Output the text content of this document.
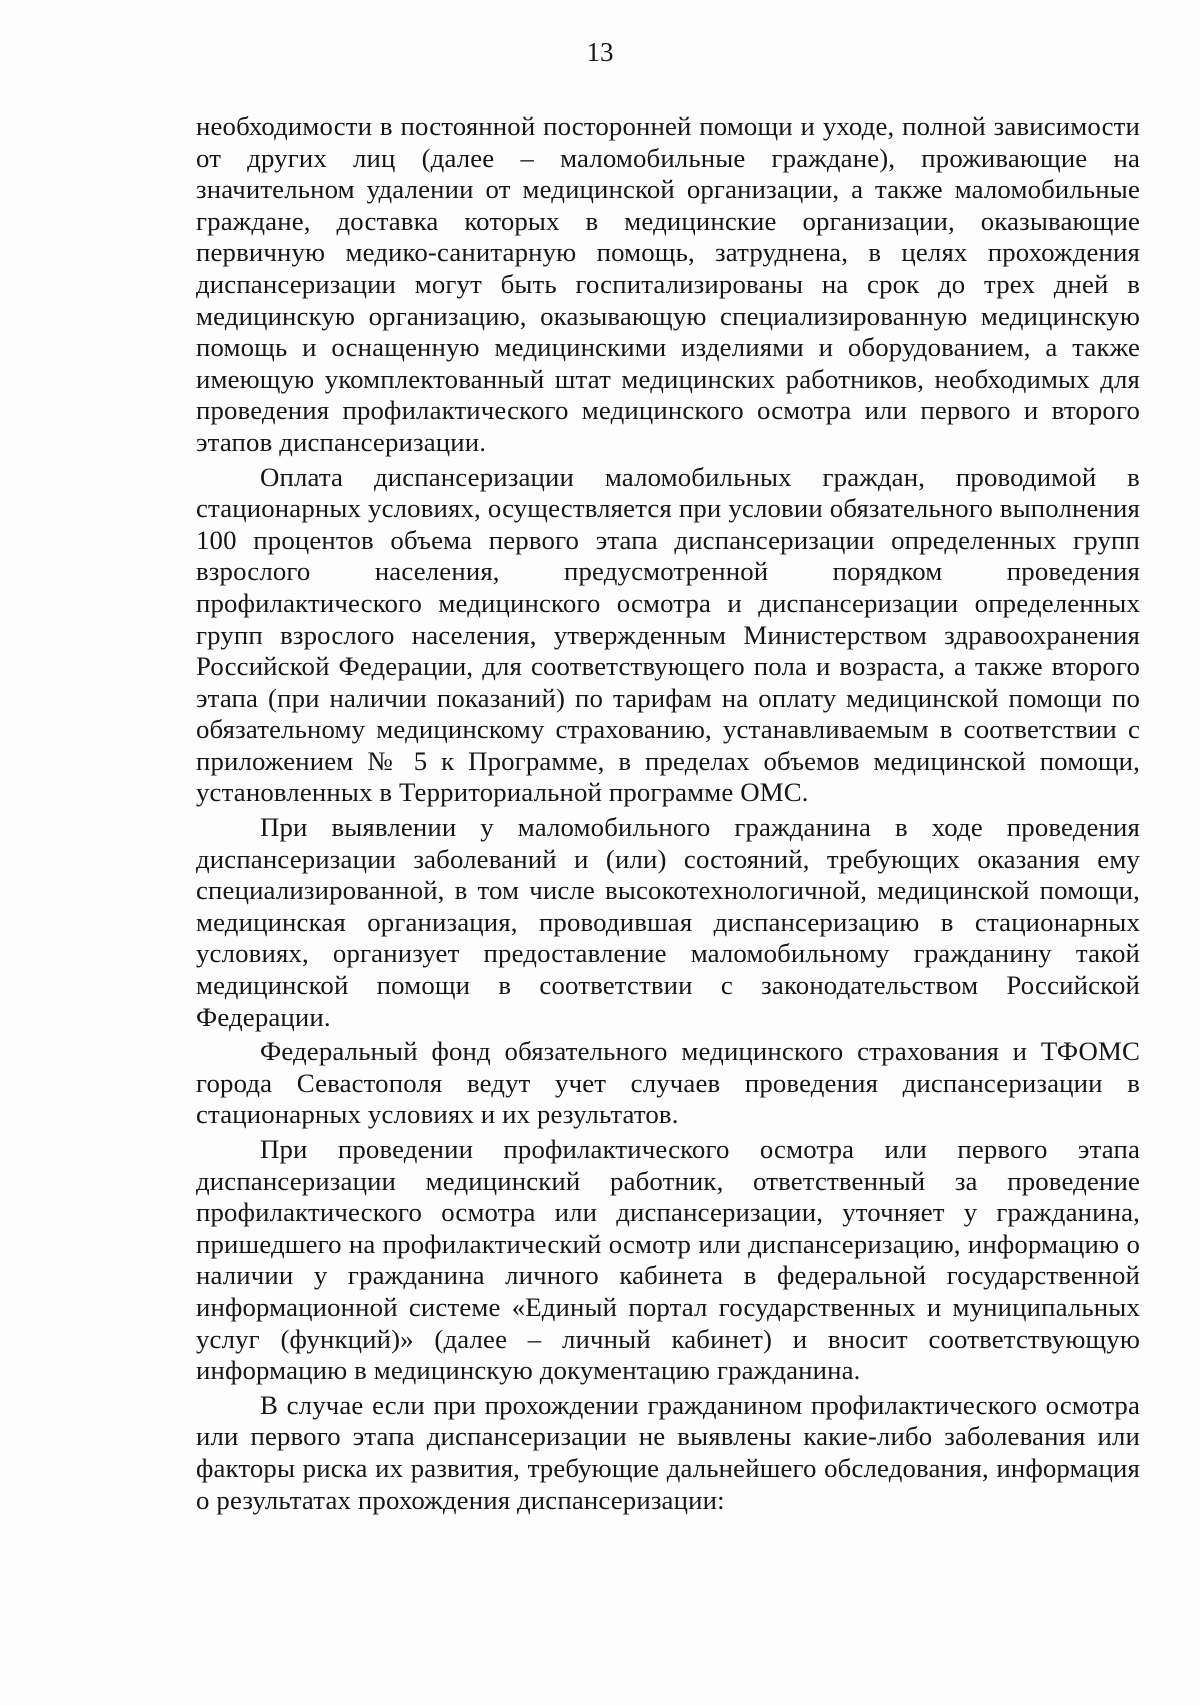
13

необходимости в постоянной посторонней помощи и уходе, полной зависимости от других лиц (далее – маломобильные граждане), проживающие на значительном удалении от медицинской организации, а также маломобильные граждане, доставка которых в медицинские организации, оказывающие первичную медико-санитарную помощь, затруднена, в целях прохождения диспансеризации могут быть госпитализированы на срок до трех дней в медицинскую организацию, оказывающую специализированную медицинскую помощь и оснащенную медицинскими изделиями и оборудованием, а также имеющую укомплектованный штат медицинских работников, необходимых для проведения профилактического медицинского осмотра или первого и второго этапов диспансеризации.

Оплата диспансеризации маломобильных граждан, проводимой в стационарных условиях, осуществляется при условии обязательного выполнения 100 процентов объема первого этапа диспансеризации определенных групп взрослого населения, предусмотренной порядком проведения профилактического медицинского осмотра и диспансеризации определенных групп взрослого населения, утвержденным Министерством здравоохранения Российской Федерации, для соответствующего пола и возраста, а также второго этапа (при наличии показаний) по тарифам на оплату медицинской помощи по обязательному медицинскому страхованию, устанавливаемым в соответствии с приложением № 5 к Программе, в пределах объемов медицинской помощи, установленных в Территориальной программе ОМС.

При выявлении у маломобильного гражданина в ходе проведения диспансеризации заболеваний и (или) состояний, требующих оказания ему специализированной, в том числе высокотехнологичной, медицинской помощи, медицинская организация, проводившая диспансеризацию в стационарных условиях, организует предоставление маломобильному гражданину такой медицинской помощи в соответствии с законодательством Российской Федерации.

Федеральный фонд обязательного медицинского страхования и ТФОМС города Севастополя ведут учет случаев проведения диспансеризации в стационарных условиях и их результатов.

При проведении профилактического осмотра или первого этапа диспансеризации медицинский работник, ответственный за проведение профилактического осмотра или диспансеризации, уточняет у гражданина, пришедшего на профилактический осмотр или диспансеризацию, информацию о наличии у гражданина личного кабинета в федеральной государственной информационной системе «Единый портал государственных и муниципальных услуг (функций)» (далее – личный кабинет) и вносит соответствующую информацию в медицинскую документацию гражданина.

В случае если при прохождении гражданином профилактического осмотра или первого этапа диспансеризации не выявлены какие-либо заболевания или факторы риска их развития, требующие дальнейшего обследования, информация о результатах прохождения диспансеризации:
